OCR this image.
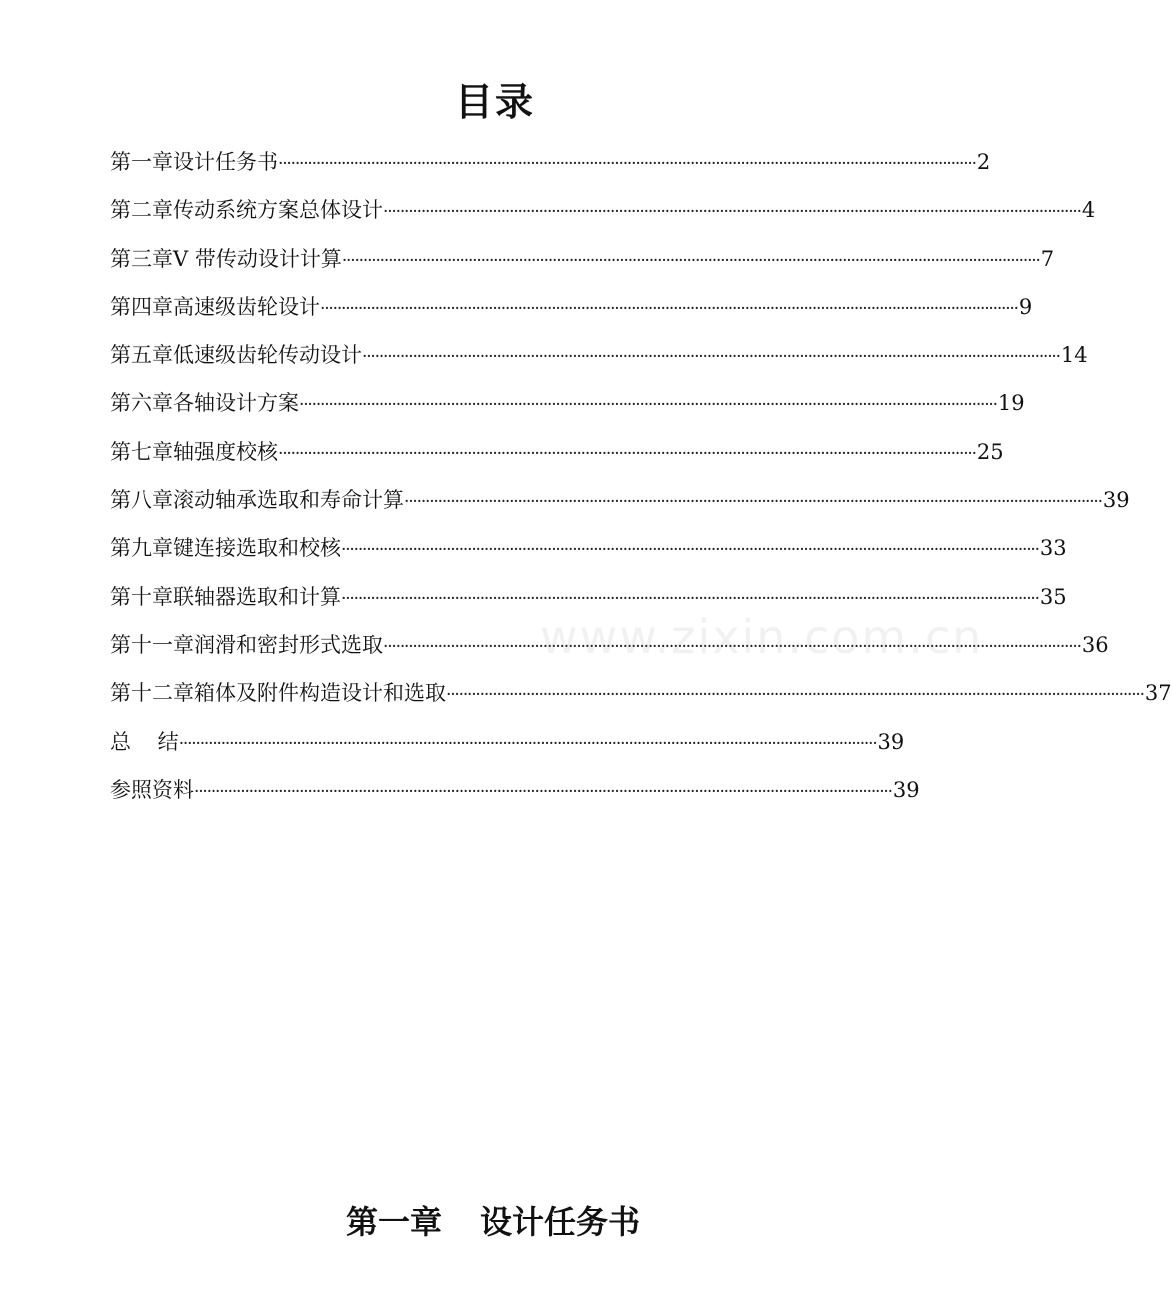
目录
第一章 设计任务书 ·····	2
第二章 传动系统方案总体设计 ·····	4
第三章 V 带传动设计计算 ·····	7
第四章 高速级齿轮设计 ·····	9
第五章 低速级齿轮传动设计 ·····	14
第六章 各轴设计方案 ·····	19
第七章 轴强度校核 ·····	25
第八章 滚动轴承选取和寿命计算 ·····	39
第九章 键连接选取和校核 ·····	33
第十章 联轴器选取和计算 ·····	35
第十一章 润滑和密封形式选取 ·····	36
第十二章 箱体及附件构造设计和选取 ·····	37
总 结 ·····	39
参照资料 ·····	39
www.zixin.com.cn
第一章 设计任务书
